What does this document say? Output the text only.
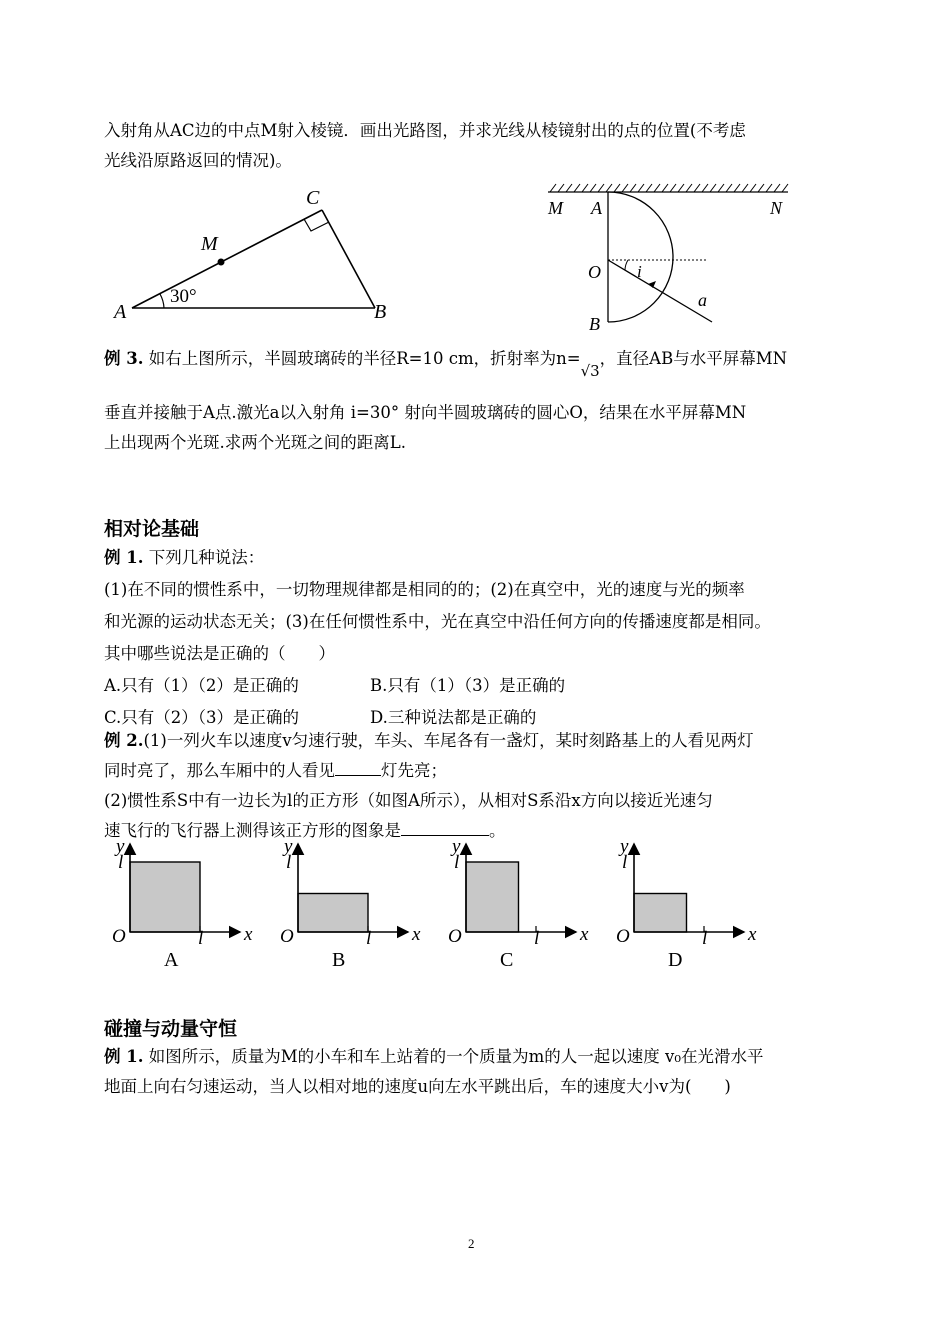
入射角从AC边的中点M射入棱镜．画出光路图，并求光线从棱镜射出的点的位置(不考虑
光线沿原路返回的情况)。
A	B
C
M
30°
M	N
A
B
O i
a
例 3. 如右上图所示，半圆玻璃砖的半径R=10 cm，折射率为n=√3，直径AB与水平屏幕MN
垂直并接触于A点.激光a以入射角 i=30° 射向半圆玻璃砖的圆心O，结果在水平屏幕MN
上出现两个光斑.求两个光斑之间的距离L.
相对论基础
例 1. 下列几种说法：
(1)在不同的惯性系中，一切物理规律都是相同的的；(2)在真空中，光的速度与光的频率
和光源的运动状态无关；(3)在任何惯性系中，光在真空中沿任何方向的传播速度都是相同。
其中哪些说法是正确的（　　）
A.只有（1）（2）是正确的	B.只有（1）（3）是正确的
C.只有（2）（3）是正确的	D.三种说法都是正确的
例 2.(1)一列火车以速度v匀速行驶，车头、车尾各有一盏灯，某时刻路基上的人看见两灯
同时亮了，那么车厢中的人看见	灯先亮；
(2)惯性系S中有一边长为l的正方形（如图A所示），从相对S系沿x方向以接近光速匀
速飞行的飞行器上测得该正方形的图象是	。
y
x
O
l
l
A
y
x
O
l
l
B
y
x
O
l
l
C
y
x
O
l
l
D
碰撞与动量守恒
例 1. 如图所示，质量为M的小车和车上站着的一个质量为m的人一起以速度 v₀在光滑水平
地面上向右匀速运动，当人以相对地的速度u向左水平跳出后，车的速度大小v为(　　)
2
